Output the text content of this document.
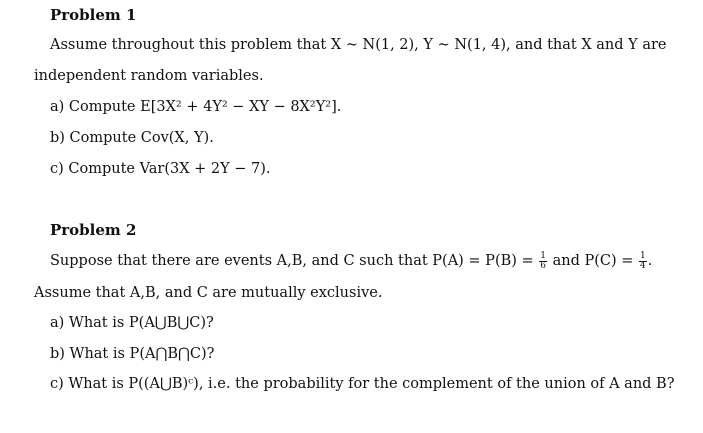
Problem 1
Assume throughout this problem that X ~ N(1, 2), Y ~ N(1, 4), and that X and Y are
independent random variables.
a) Compute E[3X² + 4Y² − XY − 8X²Y²].
b) Compute Cov(X, Y).
c) Compute Var(3X + 2Y − 7).
Problem 2
Suppose that there are events A,B, and C such that $P(A) = P(B) = \frac{1}{6}$ and $P(C) = \frac{1}{4}$ .
Assume that A,B, and C are mutually exclusive.
a) What is P(A⋃B⋃C)?
b) What is P(A⋂B⋂C)?
c) What is P((A⋃B)ᶜ), i.e. the probability for the complement of the union of A and B?
